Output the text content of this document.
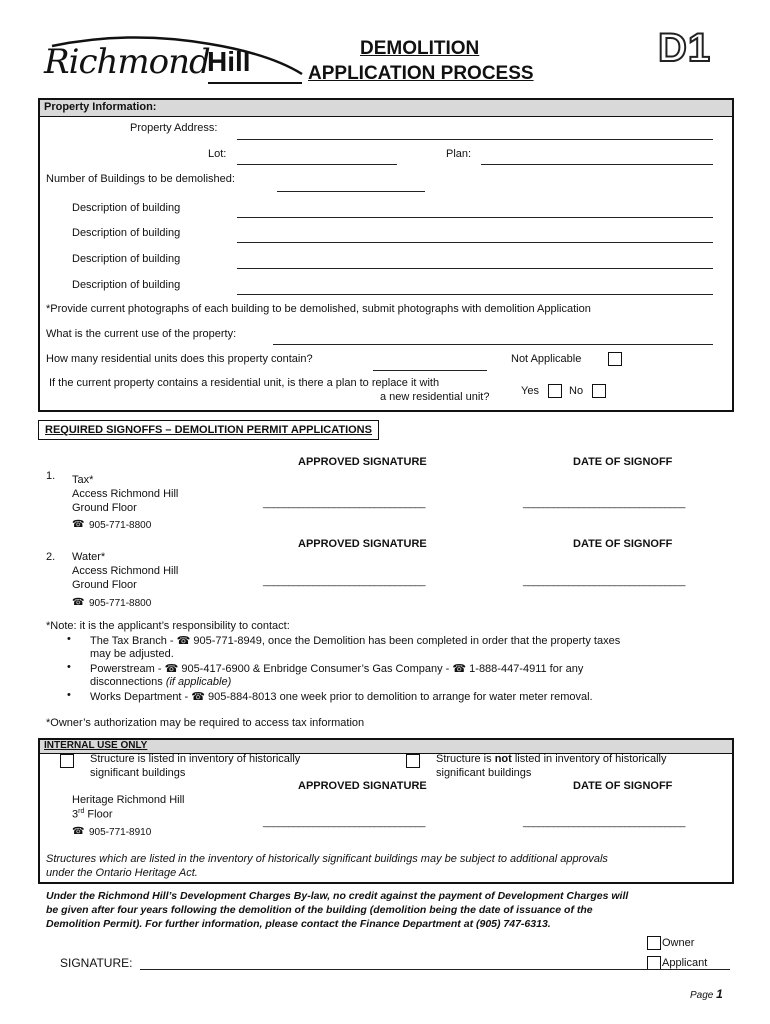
Richmond
Hill	DEMOLITION
APPLICATION PROCESS
D1
Property Information:
Property Address:
Lot:	Plan:
Number of Buildings to be demolished:
Description of building
Description of building
Description of building
Description of building
*Provide current photographs of each building to be demolished, submit photographs with demolition Application
What is the current use of the property:
How many residential units does this property contain?	Not Applicable
If the current property contains a residential unit, is there a plan to replace it with
a new residential unit?	Yes	No
REQUIRED SIGNOFFS – DEMOLITION PERMIT APPLICATIONS
APPROVED SIGNATURE	DATE OF SIGNOFF
1. Tax*
Access Richmond Hill
Ground Floor	________________________________	________________________________
☎ 905-771-8800
APPROVED SIGNATURE	DATE OF SIGNOFF
2. Water*
Access Richmond Hill
Ground Floor	________________________________	________________________________
☎ 905-771-8800
*Note: it is the applicant’s responsibility to contact:
• The Tax Branch - ☎ 905-771-8949, once the Demolition has been completed in order that the property taxes
may be adjusted.
• Powerstream - ☎ 905-417-6900 & Enbridge Consumer’s Gas Company - ☎ 1-888-447-4911 for any
disconnections (if applicable)
• Works Department - ☎ 905-884-8013 one week prior to demolition to arrange for water meter removal.
*Owner’s authorization may be required to access tax information
INTERNAL USE ONLY
Structure is listed in inventory of historically
significant buildings
Structure is not listed in inventory of historically
significant buildings
APPROVED SIGNATURE	DATE OF SIGNOFF
Heritage Richmond Hill
3rd Floor
________________________________	________________________________
☎ 905-771-8910
Structures which are listed in the inventory of historically significant buildings may be subject to additional approvals
under the Ontario Heritage Act.
Under the Richmond Hill’s Development Charges By-law, no credit against the payment of Development Charges will
be given after four years following the demolition of the building (demolition being the date of issuance of the
Demolition Permit). For further information, please contact the Finance Department at (905) 747-6313.
Owner
Applicant
SIGNATURE:
Page 1
